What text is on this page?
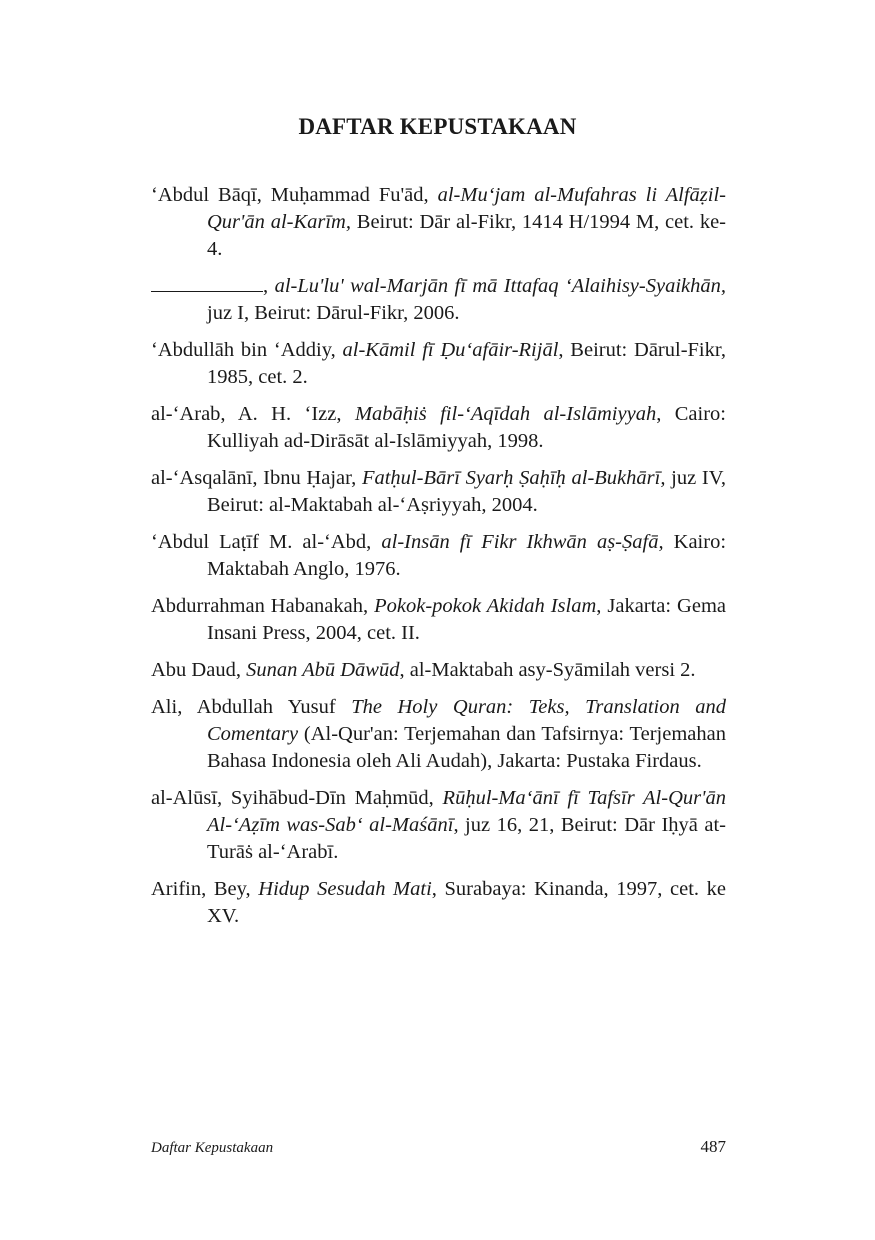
DAFTAR KEPUSTAKAAN

‘Abdul Bāqī, Muḥammad Fu'ād, al-Mu‘jam al-Mufahras li Alfāẓil-Qur'ān al-Karīm, Beirut: Dār al-Fikr, 1414 H/1994 M, cet. ke-4.

, al-Lu'lu' wal-Marjān fī mā Ittafaq ‘Alaihisy-Syaikhān, juz I, Beirut: Dārul-Fikr, 2006.

‘Abdullāh bin ‘Addiy, al-Kāmil fī Ḍu‘afāir-Rijāl, Beirut: Dārul-Fikr, 1985, cet. 2.

al-‘Arab, A. H. ‘Izz, Mabāḥiṡ fil-‘Aqīdah al-Islāmiyyah, Cairo: Kulliyah ad-Dirāsāt al-Islāmiyyah, 1998.

al-‘Asqalānī, Ibnu Ḥajar, Fatḥul-Bārī Syarḥ Ṣaḥīḥ al-Bukhārī, juz IV, Beirut: al-Maktabah al-‘Aṣriyyah, 2004.

‘Abdul Laṭīf M. al-‘Abd, al-Insān fī Fikr Ikhwān aṣ-Ṣafā, Kairo: Maktabah Anglo, 1976.

Abdurrahman Habanakah, Pokok-pokok Akidah Islam, Jakarta: Gema Insani Press, 2004, cet. II.

Abu Daud, Sunan Abū Dāwūd, al-Maktabah asy-Syāmilah versi 2.

Ali, Abdullah Yusuf The Holy Quran: Teks, Translation and Comentary (Al-Qur'an: Terjemahan dan Tafsirnya: Terjemahan Bahasa Indonesia oleh Ali Audah), Jakarta: Pustaka Firdaus.

al-Alūsī, Syihābud-Dīn Maḥmūd, Rūḥul-Ma‘ānī fī Tafsīr Al-Qur'ān Al-‘Aẓīm was-Sab‘ al-Maśānī, juz 16, 21, Beirut: Dār Iḥyā at-Turāṡ al-‘Arabī.

Arifin, Bey, Hidup Sesudah Mati, Surabaya: Kinanda, 1997, cet. ke XV.

Daftar Kepustakaan	487
